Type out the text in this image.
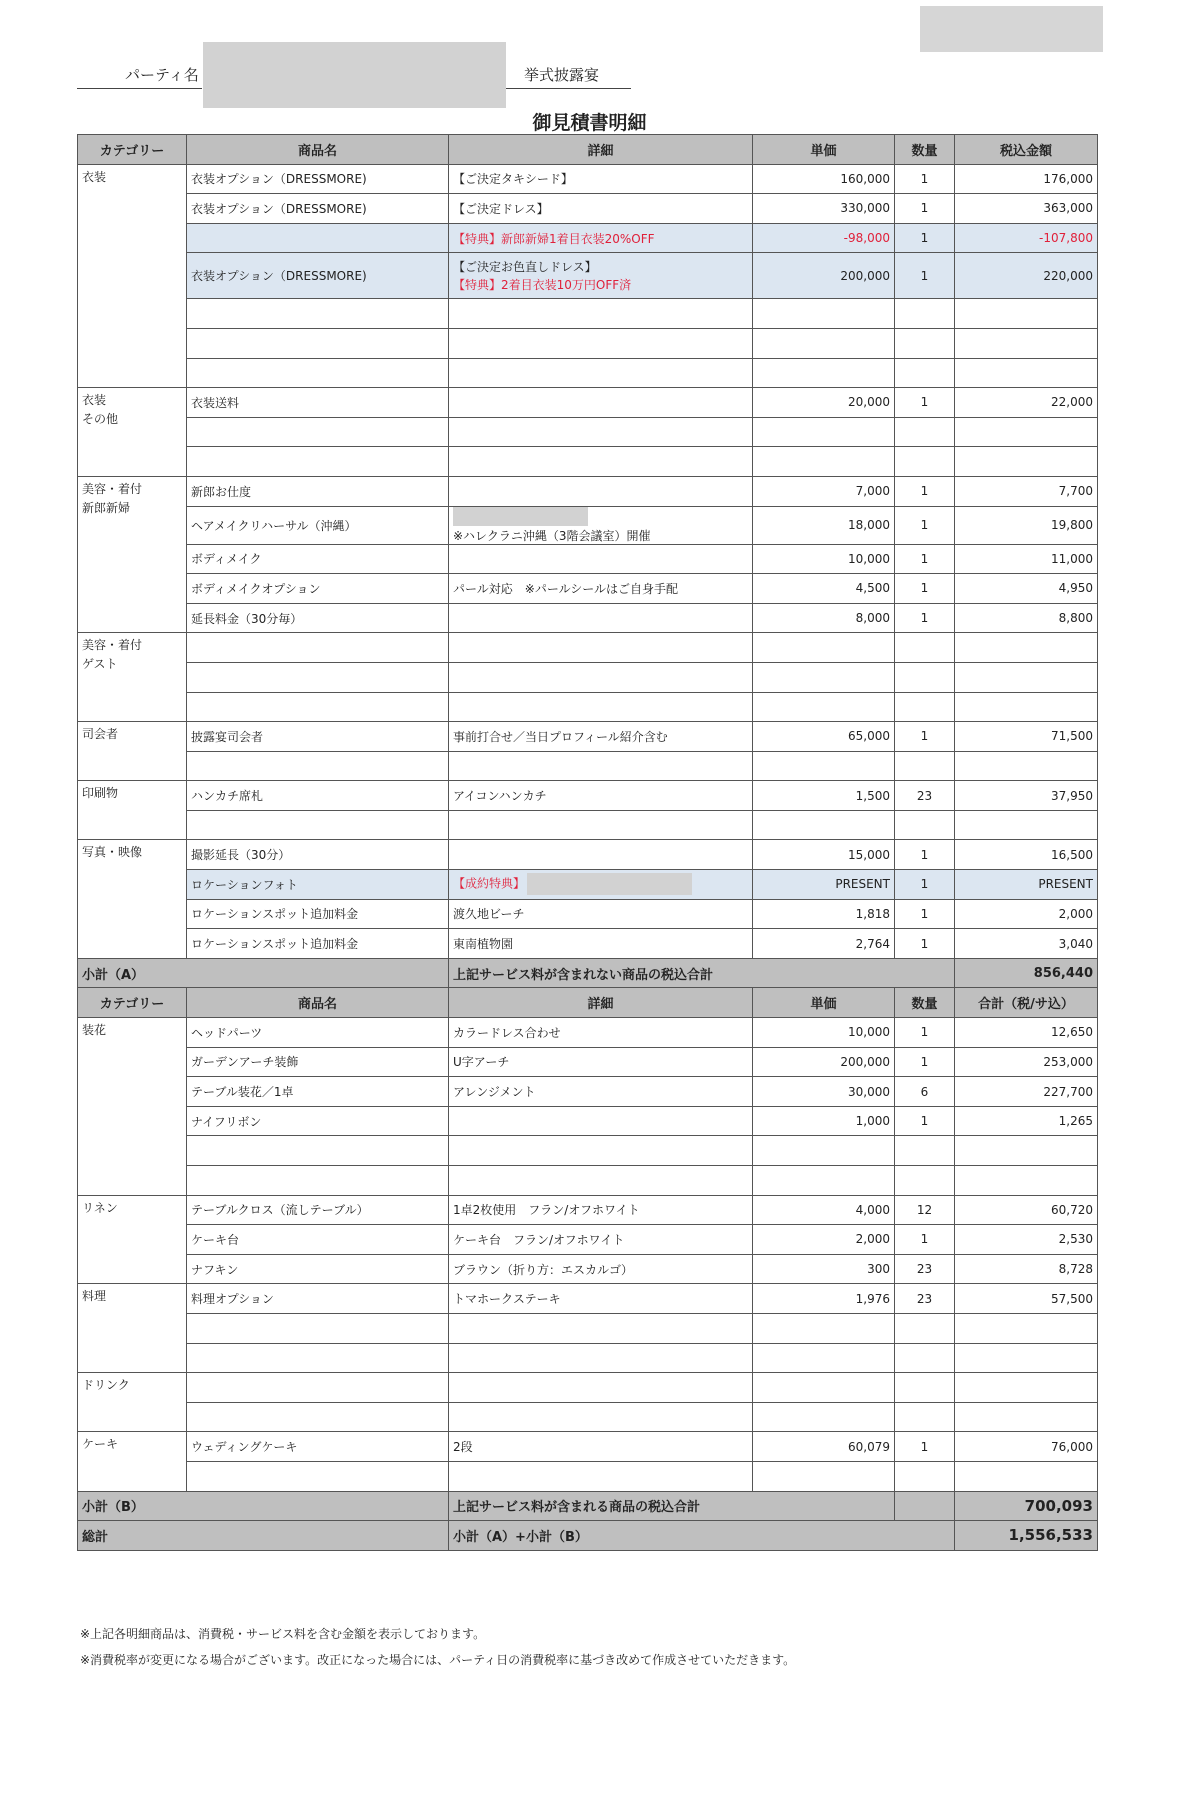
パーティ名	挙式披露宴
御見積書明細
カテゴリー	商品名	詳細	単価	数量	税込金額
衣装	衣装オプション（DRESSMORE)	【ご決定タキシード】	160,000	1	176,000
	衣装オプション（DRESSMORE)	【ご決定ドレス】	330,000	1	363,000
		【特典】新郎新婦1着目衣装20%OFF	-98,000	1	-107,800
	衣装オプション（DRESSMORE)	【ご決定お色直しドレス】
【特典】2着目衣装10万円OFF済	200,000	1	220,000

衣装
その他	衣装送料		20,000	1	22,000

美容・着付
新郎新婦	新郎お仕度		7,000	1	7,700
	ヘアメイクリハーサル（沖縄）	※ハレクラニ沖縄（3階会議室）開催	18,000	1	19,800
	ボディメイク		10,000	1	11,000
	ボディメイクオプション	パール対応　※パールシールはご自身手配	4,500	1	4,950
	延長料金（30分毎）		8,000	1	8,800

美容・着付
ゲスト					

司会者	披露宴司会者	事前打合せ／当日プロフィール紹介含む	65,000	1	71,500

印刷物	ハンカチ席札	アイコンハンカチ	1,500	23	37,950

写真・映像	撮影延長（30分）		15,000	1	16,500
	ロケーションフォト	【成約特典】	PRESENT	1	PRESENT
	ロケーションスポット追加料金	渡久地ビーチ	1,818	1	2,000
	ロケーションスポット追加料金	東南植物園	2,764	1	3,040
小計（A）		上記サービス料が含まれない商品の税込合計			856,440
カテゴリー	商品名	詳細	単価	数量	合計（税/サ込）
装花	ヘッドパーツ	カラードレス合わせ	10,000	1	12,650
	ガーデンアーチ装飾	U字アーチ	200,000	1	253,000
	テーブル装花／1卓	アレンジメント	30,000	6	227,700
	ナイフリボン		1,000	1	1,265

リネン	テーブルクロス（流しテーブル）	1卓2枚使用　フラン/オフホワイト	4,000	12	60,720
	ケーキ台	ケーキ台　フラン/オフホワイト	2,000	1	2,530
	ナフキン	ブラウン（折り方：エスカルゴ）	300	23	8,728
料理	料理オプション	トマホークステーキ	1,976	23	57,500

ドリンク					

ケーキ	ウェディングケーキ	2段	60,079	1	76,000

小計（B）		上記サービス料が含まれる商品の税込合計			700,093
総計		小計（A）+小計（B）			1,556,533
※上記各明細商品は、消費税・サービス料を含む金額を表示しております。
※消費税率が変更になる場合がございます。改正になった場合には、パーティ日の消費税率に基づき改めて作成させていただきます。
